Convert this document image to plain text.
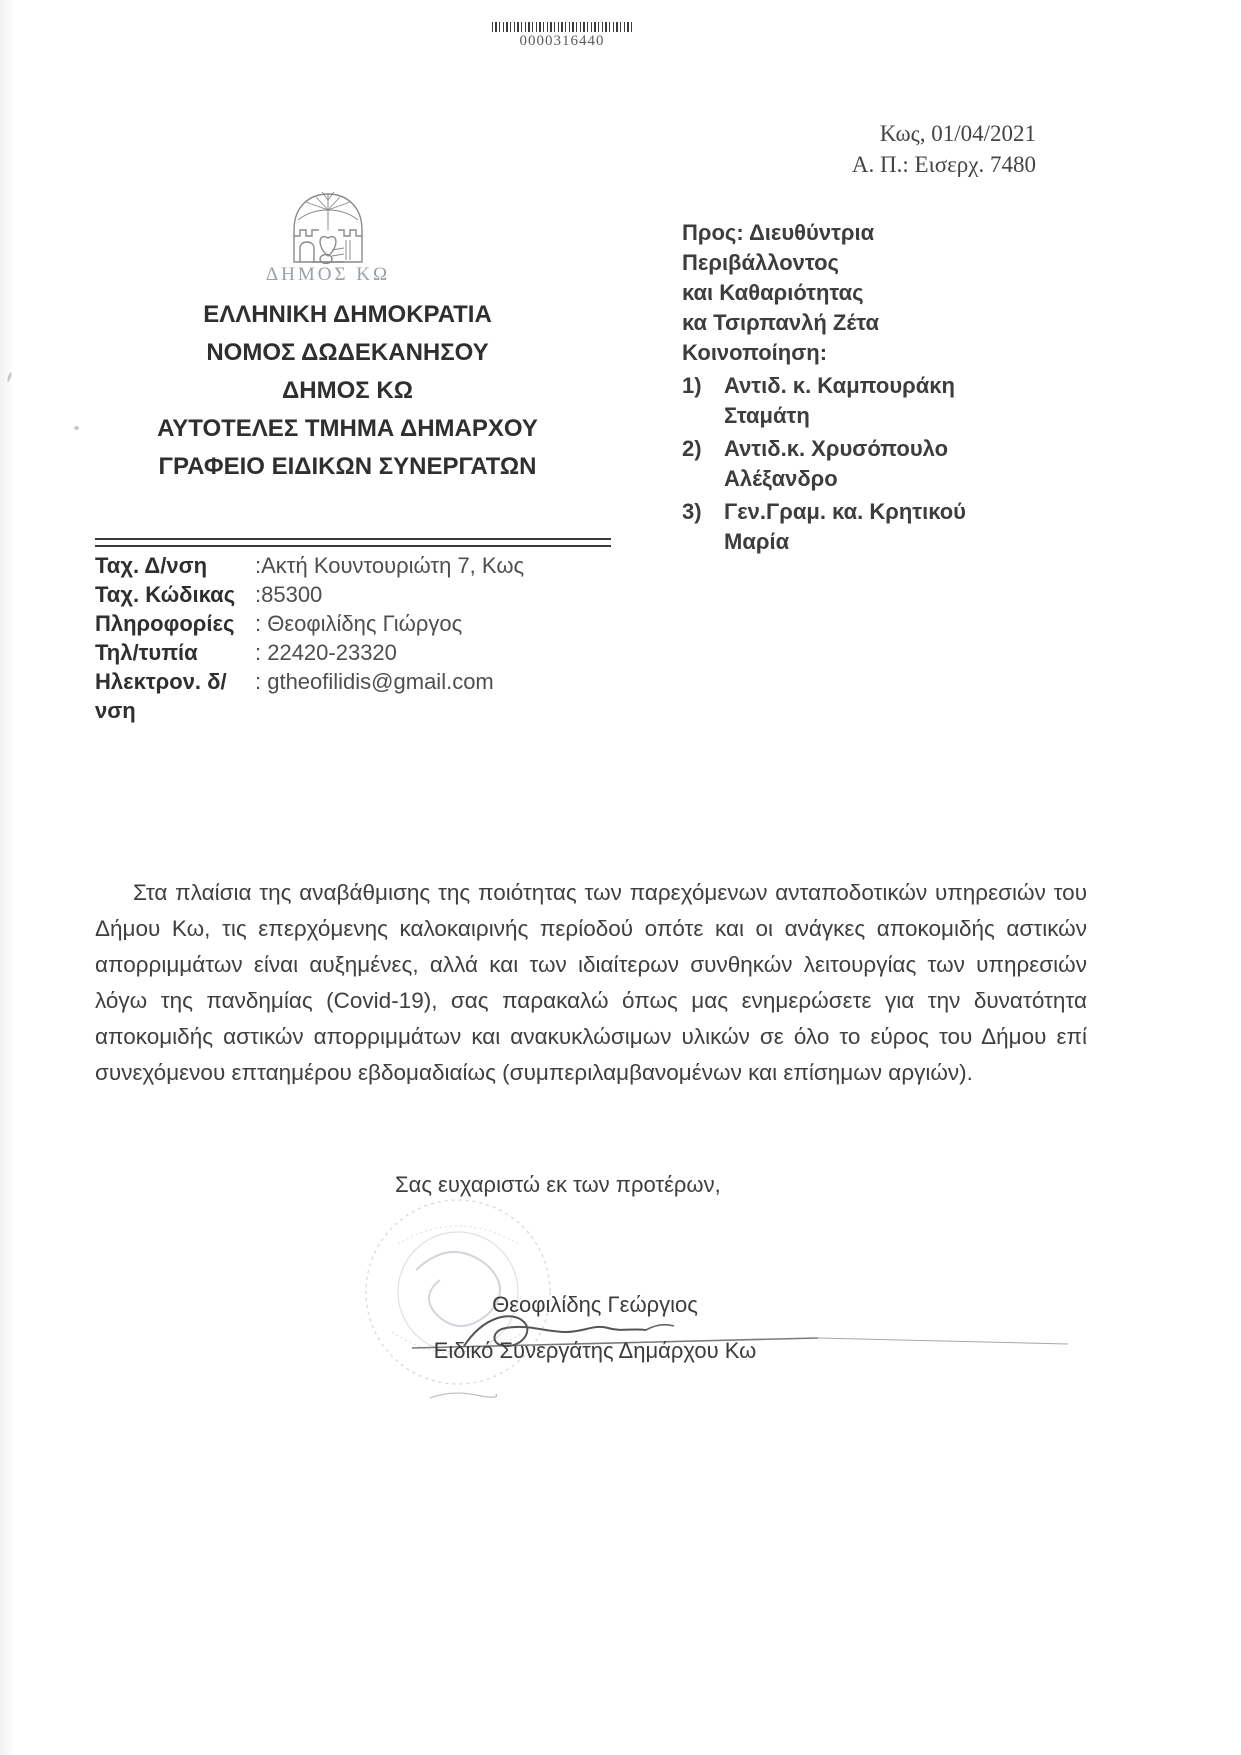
0000316440
Κως, 01/04/2021
Α. Π.: Εισερχ. 7480
ΔΗΜΟΣ ΚΩ
ΕΛΛΗΝΙΚΗ ΔΗΜΟΚΡΑΤΙΑ
ΝΟΜΟΣ ΔΩΔΕΚΑΝΗΣΟΥ
ΔΗΜΟΣ ΚΩ
ΑΥΤΟΤΕΛΕΣ ΤΜΗΜΑ ΔΗΜΑΡΧΟΥ
ΓΡΑΦΕΙΟ ΕΙΔΙΚΩΝ ΣΥΝΕΡΓΑΤΩΝ
Προς: Διευθύντρια Περιβάλλοντος
και Καθαριότητας
κα Τσιρπανλή Ζέτα
Κοινοποίηση:
1)	Αντιδ. κ. Καμπουράκη Σταμάτη
2)	Αντιδ.κ. Χρυσόπουλο
Αλέξανδρο
3)	Γεν.Γραμ. κα. Κρητικού Μαρία
Ταχ. Δ/νση	:Ακτή Κουντουριώτη 7, Κως
Ταχ. Κώδικας :85300
Πληροφορίες : Θεοφιλίδης Γιώργος
Τηλ/τυπία	: 22420-23320
Ηλεκτρον. δ/νση
: gtheofilidis@gmail.com

Στα πλαίσια της αναβάθμισης της ποιότητας των παρεχόμενων ανταποδοτικών υπηρεσιών του Δήμου Κω, τις επερχόμενης καλοκαιρινής περίοδού οπότε και οι ανάγκες αποκομιδής αστικών απορριμμάτων είναι αυξημένες, αλλά και των ιδιαίτερων συνθηκών λειτουργίας των υπηρεσιών λόγω της πανδημίας (Covid-19), σας παρακαλώ όπως μας ενημερώσετε για την δυνατότητα αποκομιδής αστικών απορριμμάτων και ανακυκλώσιμων υλικών σε όλο το εύρος του Δήμου επί συνεχόμενου επταημέρου εβδομαδιαίως (συμπεριλαμβανομένων και επίσημων αργιών).

Σας ευχαριστώ εκ των προτέρων,
Θεοφιλίδης Γεώργιος
Ειδικό Συνεργάτης Δημάρχου Κω
